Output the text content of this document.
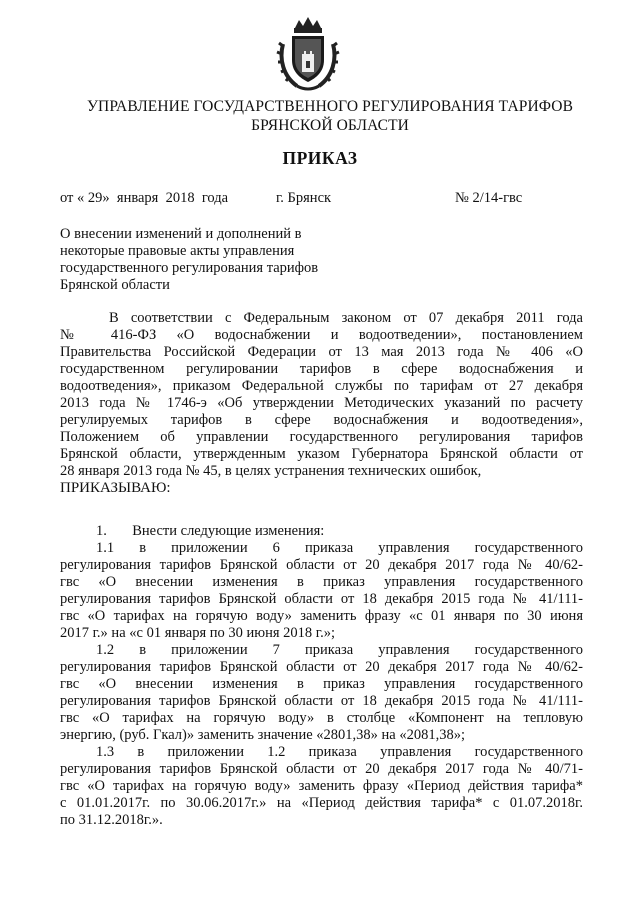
УПРАВЛЕНИЕ ГОСУДАРСТВЕННОГО РЕГУЛИРОВАНИЯ ТАРИФОВ
БРЯНСКОЙ ОБЛАСТИ
ПРИКАЗ
от « 29»  января  2018  года	г. Брянск	№ 2/14-гвс
О внесении изменений и дополнений в
некоторые правовые акты управления
государственного регулирования тарифов
Брянской области
В соответствии с Федеральным законом от 07 декабря 2011 года
№ 416-ФЗ «О водоснабжении и водоотведении», постановлением
Правительства Российской Федерации от 13 мая 2013 года № 406 «О
государственном регулировании тарифов в сфере водоснабжения и
водоотведения», приказом Федеральной службы по тарифам от 27 декабря
2013 года № 1746-э «Об утверждении Методических указаний по расчету
регулируемых тарифов в сфере водоснабжения и водоотведения»,
Положением об управлении государственного регулирования тарифов
Брянской области, утвержденным указом Губернатора Брянской области от
28 января 2013 года № 45, в целях устранения технических ошибок,
ПРИКАЗЫВАЮ:
1.       Внести следующие изменения:
1.1 в приложении 6 приказа управления государственного
регулирования тарифов Брянской области от 20 декабря 2017 года № 40/62-
гвс «О внесении изменения в приказ управления государственного
регулирования тарифов Брянской области от 18 декабря 2015 года № 41/111-
гвс «О тарифах на горячую воду» заменить фразу «с 01 января по 30 июня
2017 г.» на «с 01 января по 30 июня 2018 г.»;
1.2 в приложении 7 приказа управления государственного
регулирования тарифов Брянской области от 20 декабря 2017 года № 40/62-
гвс «О внесении изменения в приказ управления государственного
регулирования тарифов Брянской области от 18 декабря 2015 года № 41/111-
гвс «О тарифах на горячую воду» в столбце «Компонент на тепловую
энергию, (руб. Гкал)» заменить значение «2801,38» на «2081,38»;
1.3 в приложении 1.2 приказа управления государственного
регулирования тарифов Брянской области от 20 декабря 2017 года № 40/71-
гвс «О тарифах на горячую воду» заменить фразу «Период действия тарифа*
с 01.01.2017г. по 30.06.2017г.» на «Период действия тарифа* с 01.07.2018г.
по 31.12.2018г.».
